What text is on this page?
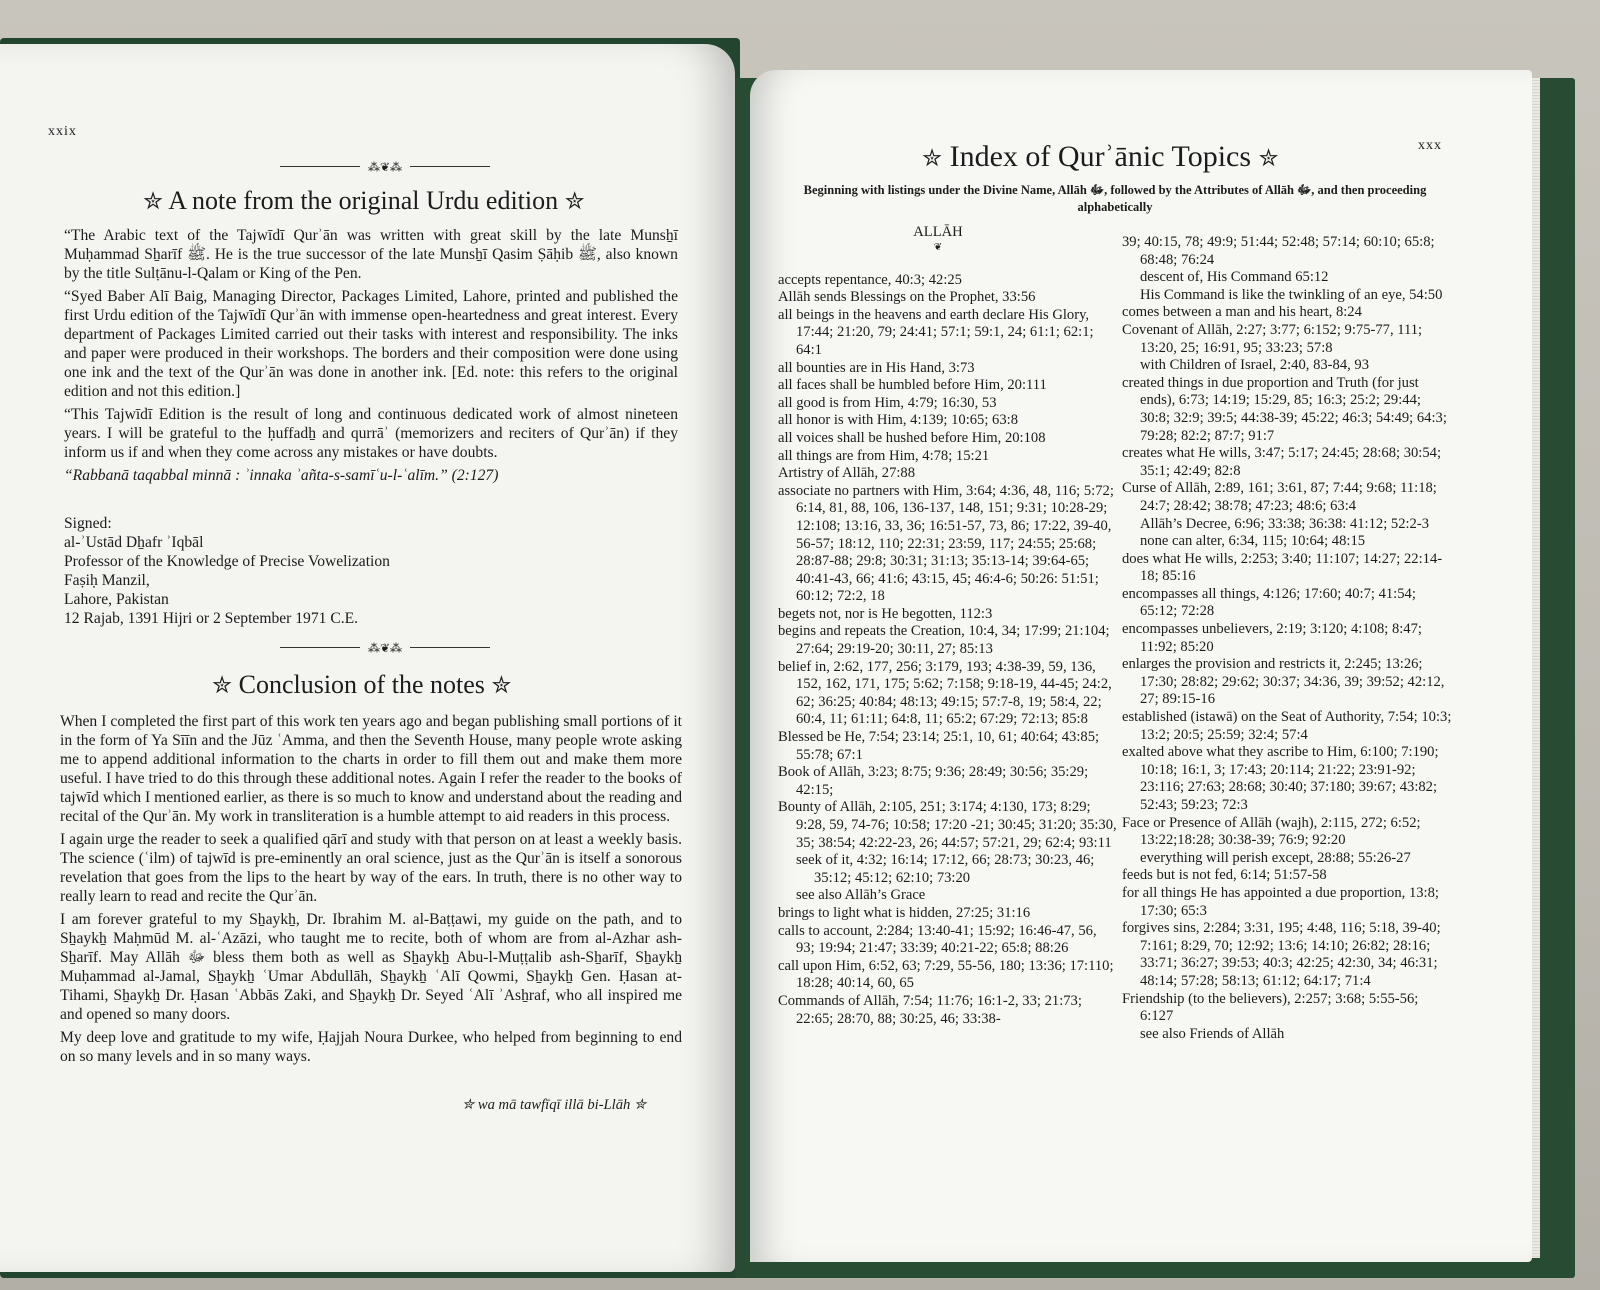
xxix
⁂❦⁂
✮ A note from the original Urdu edition ✮

“The Arabic text of the Tajwīdī Qurʾān was written with great skill by the late Munsẖī Muḥammad Sẖarīf ﷺ. He is the true successor of the late Munsẖī Qasim Ṣāḥib ﷺ, also known by the title Sulṭānu-l-Qalam or King of the Pen.

“Syed Baber Alī Baig, Managing Director, Packages Limited, Lahore, printed and published the first Urdu edition of the Tajwīdī Qurʾān with immense open-heartedness and great interest. Every department of Packages Limited carried out their tasks with interest and responsibility. The inks and paper were produced in their workshops. The borders and their composition were done using one ink and the text of the Qurʾān was done in another ink. [Ed. note: this refers to the original edition and not this edition.]

“This Tajwīdī Edition is the result of long and continuous dedicated work of almost nineteen years. I will be grateful to the ḥuffadẖ and qurrāʾ (memorizers and reciters of Qurʾān) if they inform us if and when they come across any mistakes or have doubts.

“Rabbanā taqabbal minnā : ʾinnaka ʾañta-s-samīʿu-l-ʿalīm.” (2:127)

Signed:
al-ʾUstād Dẖafr ʾIqbāl
Professor of the Knowledge of Precise Vowelization
Faṣiḥ Manzil,
Lahore, Pakistan
12 Rajab, 1391 Hijri or 2 September 1971 C.E.
⁂❦⁂
✮ Conclusion of the notes ✮

When I completed the first part of this work ten years ago and began publishing small portions of it in the form of Ya Sīīn and the Jūz ʿAmma, and then the Seventh House, many people wrote asking me to append additional information to the charts in order to fill them out and make them more useful. I have tried to do this through these additional notes. Again I refer the reader to the books of tajwīd which I mentioned earlier, as there is so much to know and understand about the reading and recital of the Qurʾān. My work in transliteration is a humble attempt to aid readers in this process.

I again urge the reader to seek a qualified qārī and study with that person on at least a weekly basis. The science (ʿilm) of tajwīd is pre-eminently an oral science, just as the Qurʾān is itself a sonorous revelation that goes from the lips to the heart by way of the ears. In truth, there is no other way to really learn to read and recite the Qurʾān.

I am forever grateful to my Sẖaykẖ, Dr. Ibrahim M. al-Baṭṭawi, my guide on the path, and to Sẖaykẖ Maḥmūd M. al-ʿAzāzi, who taught me to recite, both of whom are from al-Azhar ash-Sẖarīf. May Allāh ﷻ bless them both as well as Sẖaykẖ Abu-l-Muṭṭalib ash-Sẖarīf, Sẖaykẖ Muḥammad al-Jamal, Sẖaykẖ ʿUmar Abdullāh, Sẖaykẖ ʿAlī Qowmi, Sẖaykẖ Gen. Ḥasan at-Tihami, Sẖaykẖ Dr. Ḥasan ʿAbbās Zaki, and Sẖaykẖ Dr. Seyed ʿAlī ʾAsẖraf, who all inspired me and opened so many doors.

My deep love and gratitude to my wife, Ḥajjah Noura Durkee, who helped from beginning to end on so many levels and in so many ways.

✮ wa mā tawfīqī illā bi-Llāh ✮
xxx
✮ Index of Qurʾānic Topics ✮
Beginning with listings under the Divine Name, Allāh ﷻ, followed by the Attributes of Allāh ﷻ, and then proceeding alphabetically
ALLĀH
❦
accepts repentance, 40:3; 42:25
Allāh sends Blessings on the Prophet, 33:56
all beings in the heavens and earth declare His Glory, 17:44; 21:20, 79; 24:41; 57:1; 59:1, 24; 61:1; 62:1; 64:1
all bounties are in His Hand, 3:73
all faces shall be humbled before Him, 20:111
all good is from Him, 4:79; 16:30, 53
all honor is with Him, 4:139; 10:65; 63:8
all voices shall be hushed before Him, 20:108
all things are from Him, 4:78; 15:21
Artistry of Allāh, 27:88
associate no partners with Him, 3:64; 4:36, 48, 116; 5:72; 6:14, 81, 88, 106, 136-137, 148, 151; 9:31; 10:28-29; 12:108; 13:16, 33, 36; 16:51-57, 73, 86; 17:22, 39-40, 56-57; 18:12, 110; 22:31; 23:59, 117; 24:55; 25:68; 28:87-88; 29:8; 30:31; 31:13; 35:13-14; 39:64-65; 40:41-43, 66; 41:6; 43:15, 45; 46:4-6; 50:26: 51:51; 60:12; 72:2, 18
begets not, nor is He begotten, 112:3
begins and repeats the Creation, 10:4, 34; 17:99; 21:104; 27:64; 29:19-20; 30:11, 27; 85:13
belief in, 2:62, 177, 256; 3:179, 193; 4:38-39, 59, 136, 152, 162, 171, 175; 5:62; 7:158; 9:18-19, 44-45; 24:2, 62; 36:25; 40:84; 48:13; 49:15; 57:7-8, 19; 58:4, 22; 60:4, 11; 61:11; 64:8, 11; 65:2; 67:29; 72:13; 85:8
Blessed be He, 7:54; 23:14; 25:1, 10, 61; 40:64; 43:85; 55:78; 67:1
Book of Allāh, 3:23; 8:75; 9:36; 28:49; 30:56; 35:29; 42:15;
Bounty of Allāh, 2:105, 251; 3:174; 4:130, 173; 8:29; 9:28, 59, 74-76; 10:58; 17:20 -21; 30:45; 31:20; 35:30, 35; 38:54; 42:22-23, 26; 44:57; 57:21, 29; 62:4; 93:11
seek of it, 4:32; 16:14; 17:12, 66; 28:73; 30:23, 46; 35:12; 45:12; 62:10; 73:20
see also Allāh’s Grace
brings to light what is hidden, 27:25; 31:16
calls to account, 2:284; 13:40-41; 15:92; 16:46-47, 56, 93; 19:94; 21:47; 33:39; 40:21-22; 65:8; 88:26
call upon Him, 6:52, 63; 7:29, 55-56, 180; 13:36; 17:110; 18:28; 40:14, 60, 65
Commands of Allāh, 7:54; 11:76; 16:1-2, 33; 21:73; 22:65; 28:70, 88; 30:25, 46; 33:38-
39; 40:15, 78; 49:9; 51:44; 52:48; 57:14; 60:10; 65:8; 68:48; 76:24
descent of, His Command 65:12
His Command is like the twinkling of an eye, 54:50
comes between a man and his heart, 8:24
Covenant of Allāh, 2:27; 3:77; 6:152; 9:75-77, 111; 13:20, 25; 16:91, 95; 33:23; 57:8
with Children of Israel, 2:40, 83-84, 93
created things in due proportion and Truth (for just ends), 6:73; 14:19; 15:29, 85; 16:3; 25:2; 29:44; 30:8; 32:9; 39:5; 44:38-39; 45:22; 46:3; 54:49; 64:3; 79:28; 82:2; 87:7; 91:7
creates what He wills, 3:47; 5:17; 24:45; 28:68; 30:54; 35:1; 42:49; 82:8
Curse of Allāh, 2:89, 161; 3:61, 87; 7:44; 9:68; 11:18; 24:7; 28:42; 38:78; 47:23; 48:6; 63:4
Allāh’s Decree, 6:96; 33:38; 36:38: 41:12; 52:2-3
none can alter, 6:34, 115; 10:64; 48:15
does what He wills, 2:253; 3:40; 11:107; 14:27; 22:14-18; 85:16
encompasses all things, 4:126; 17:60; 40:7; 41:54; 65:12; 72:28
encompasses unbelievers, 2:19; 3:120; 4:108; 8:47; 11:92; 85:20
enlarges the provision and restricts it, 2:245; 13:26; 17:30; 28:82; 29:62; 30:37; 34:36, 39; 39:52; 42:12, 27; 89:15-16
established (istawā) on the Seat of Authority, 7:54; 10:3; 13:2; 20:5; 25:59; 32:4; 57:4
exalted above what they ascribe to Him, 6:100; 7:190; 10:18; 16:1, 3; 17:43; 20:114; 21:22; 23:91-92; 23:116; 27:63; 28:68; 30:40; 37:180; 39:67; 43:82; 52:43; 59:23; 72:3
Face or Presence of Allāh (wajh), 2:115, 272; 6:52; 13:22;18:28; 30:38-39; 76:9; 92:20
everything will perish except, 28:88; 55:26-27
feeds but is not fed, 6:14; 51:57-58
for all things He has appointed a due proportion, 13:8; 17:30; 65:3
forgives sins, 2:284; 3:31, 195; 4:48, 116; 5:18, 39-40; 7:161; 8:29, 70; 12:92; 13:6; 14:10; 26:82; 28:16; 33:71; 36:27; 39:53; 40:3; 42:25; 42:30, 34; 46:31; 48:14; 57:28; 58:13; 61:12; 64:17; 71:4
Friendship (to the believers), 2:257; 3:68; 5:55-56; 6:127
see also Friends of Allāh
